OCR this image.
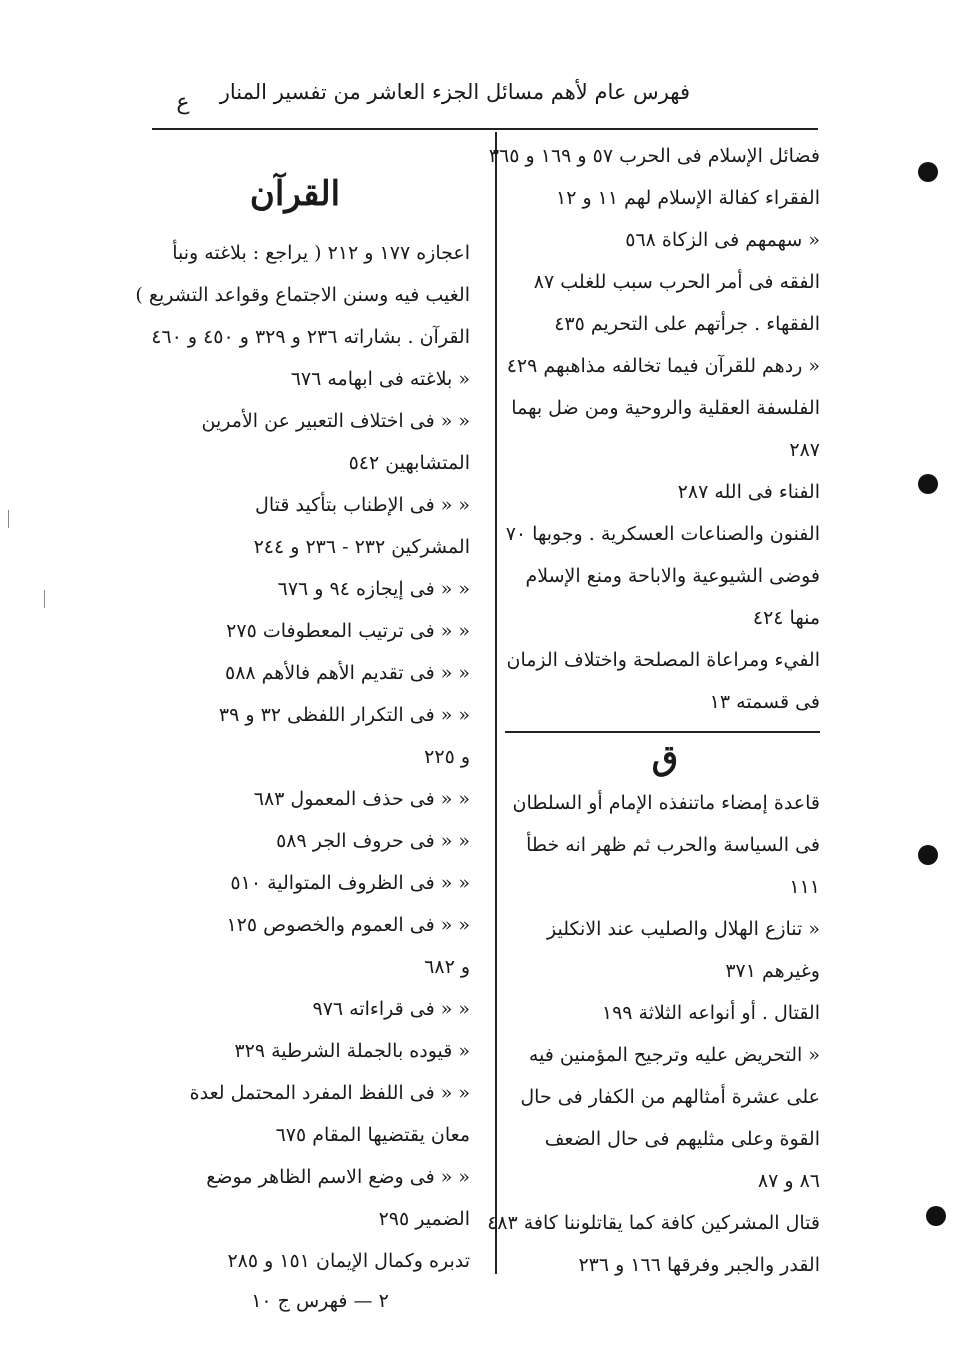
فهرس عام لأهم مسائل الجزء العاشر من تفسير المنار
ع
فضائل الإسلام فى الحرب ٥٧ و ١٦٩ و ٣٦٥
الفقراء كفالة الإسلام لهم ١١ و ١٢
« سهمهم فى الزكاة ٥٦٨
الفقه فى أمر الحرب سبب للغلب ٨٧
الفقهاء . جرأتهم على التحريم ٤٣٥
« ردهم للقرآن فيما تخالفه مذاهبهم ٤٢٩
الفلسفة العقلية والروحية ومن ضل بهما
٢٨٧
الفناء فى الله ٢٨٧
الفنون والصناعات العسكرية . وجوبها ٧٠
فوضى الشيوعية والاباحة ومنع الإسلام
منها ٤٢٤
الفيء ومراعاة المصلحة واختلاف الزمان
فى قسمته ١٣
ق
قاعدة إمضاء ماتنفذه الإمام أو السلطان
فى السياسة والحرب ثم ظهر انه خطأ
١١١
« تنازع الهلال والصليب عند الانكليز
وغيرهم ٣٧١
القتال . أو أنواعه الثلاثة ١٩٩
« التحريض عليه وترجيح المؤمنين فيه
على عشرة أمثالهم من الكفار فى حال
القوة وعلى مثليهم فى حال الضعف
٨٦ و ٨٧
قتال المشركين كافة كما يقاتلوننا كافة ٤٨٣
القدر والجبر وفرقها ١٦٦ و ٢٣٦
القرآن
اعجازه ١٧٧ و ٢١٢ ( يراجع : بلاغته ونبأ
الغيب فيه وسنن الاجتماع وقواعد التشريع )
القرآن . بشاراته ٢٣٦ و ٣٢٩ و ٤٥٠ و ٤٦٠
« بلاغته فى ابهامه ٦٧٦
« « فى اختلاف التعبير عن الأمرين
المتشابهين ٥٤٢
« « فى الإطناب بتأكيد قتال
المشركين ٢٣٢ - ٢٣٦ و ٢٤٤
« « فى إيجازه ٩٤ و ٦٧٦
« « فى ترتيب المعطوفات ٢٧٥
« « فى تقديم الأهم فالأهم ٥٨٨
« « فى التكرار اللفظى ٣٢ و ٣٩
و ٢٢٥
« « فى حذف المعمول ٦٨٣
« « فى حروف الجر ٥٨٩
« « فى الظروف المتوالية ٥١٠
« « فى العموم والخصوص ١٢٥
و ٦٨٢
« « فى قراءاته ٩٧٦
« قيوده بالجملة الشرطية ٣٢٩
« « فى اللفظ المفرد المحتمل لعدة
معان يقتضيها المقام ٦٧٥
« « فى وضع الاسم الظاهر موضع
الضمير ٢٩٥
تدبره وكمال الإيمان ١٥١ و ٢٨٥
٢ — فهرس ج ١٠
